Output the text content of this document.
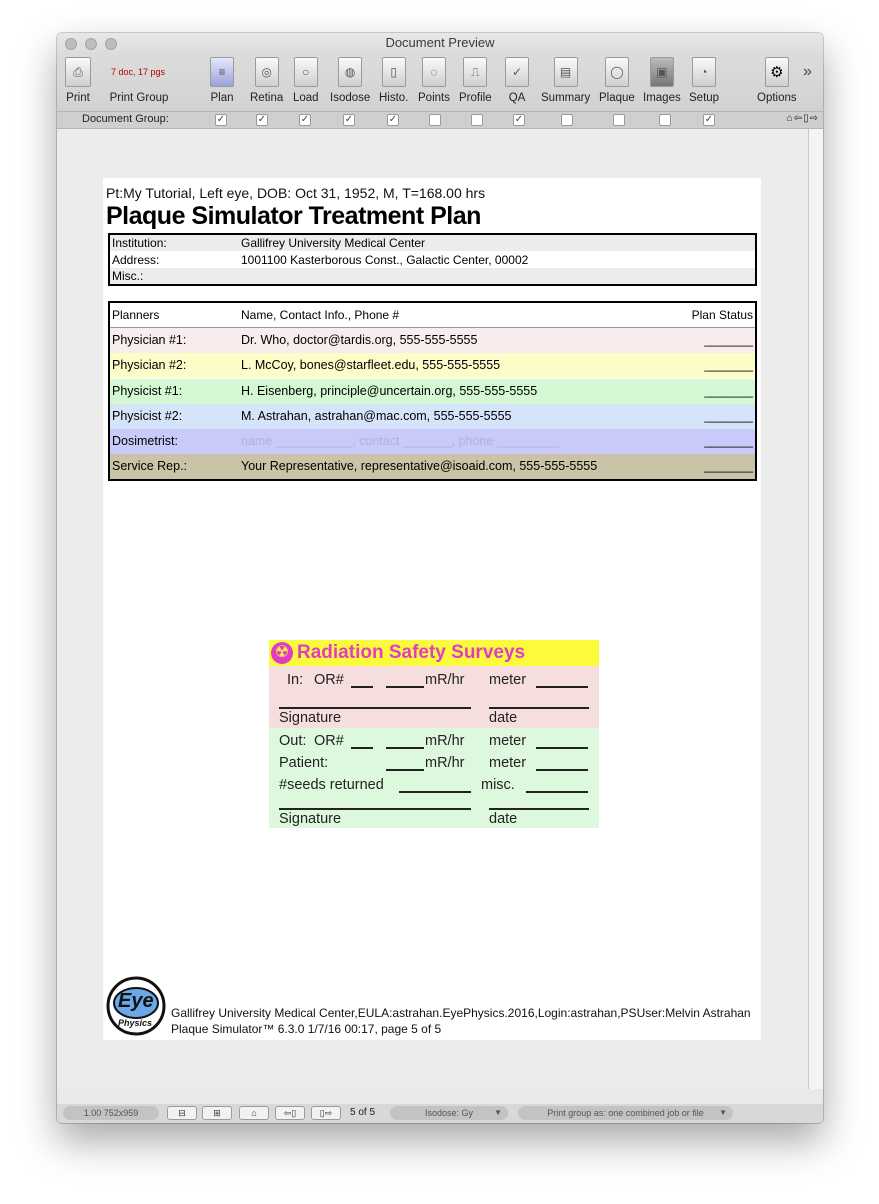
Document Preview
⎙
Print
7 doc, 17 pgs
Print Group
≡
Plan
◎
Retina
○
Load
◍
Isodose
▯
Histo.
◌
Points
⎍
Profile
✓
QA
▤
Summary
◯
Plaque
▣
Images
◔
Setup
⚙
Options
»
Document Group:	✓	✓	✓	✓	✓	✓	✓	⌂⇦▯⇨
Pt:My Tutorial, Left eye, DOB: Oct 31, 1952, M, T=168.00 hrs
Plaque Simulator Treatment Plan
Institution:	Gallifrey University Medical Center
Address:	1001100 Kasterborous Const., Galactic Center, 00002
Misc.:
Planners	Name, Contact Info., Phone #	Plan Status
Physician #1:	Dr. Who, doctor@tardis.org, 555-555-5555	_______
Physician #2:	L. McCoy, bones@starfleet.edu, 555-555-5555	_______
Physicist #1:	H. Eisenberg, principle@uncertain.org, 555-555-5555	_______
Physicist #2:	M. Astrahan, astrahan@mac.com, 555-555-5555	_______
Dosimetrist:	name ___________, contact _______, phone _________	_______
Service Rep.:	Your Representative, representative@isoaid.com, 555-555-5555	_______
☢ Radiation Safety Surveys
In: OR#	mR/hr meter
Signature	date
Out: OR#	mR/hr meter
Patient:	mR/hr meter
#seeds returned	misc.
Signature	date
Eye
Physics
Gallifrey University Medical Center,EULA:astrahan.EyePhysics.2016,Login:astrahan,PSUser:Melvin Astrahan
Plaque Simulator™ 6.3.0 1/7/16 00:17, page 5 of 5
1.00 752x959	⊟	⊞	⌂	⇦▯	▯⇨	5 of 5	Isodose: Gy	▼	Print group as: one combined job or file ▼
